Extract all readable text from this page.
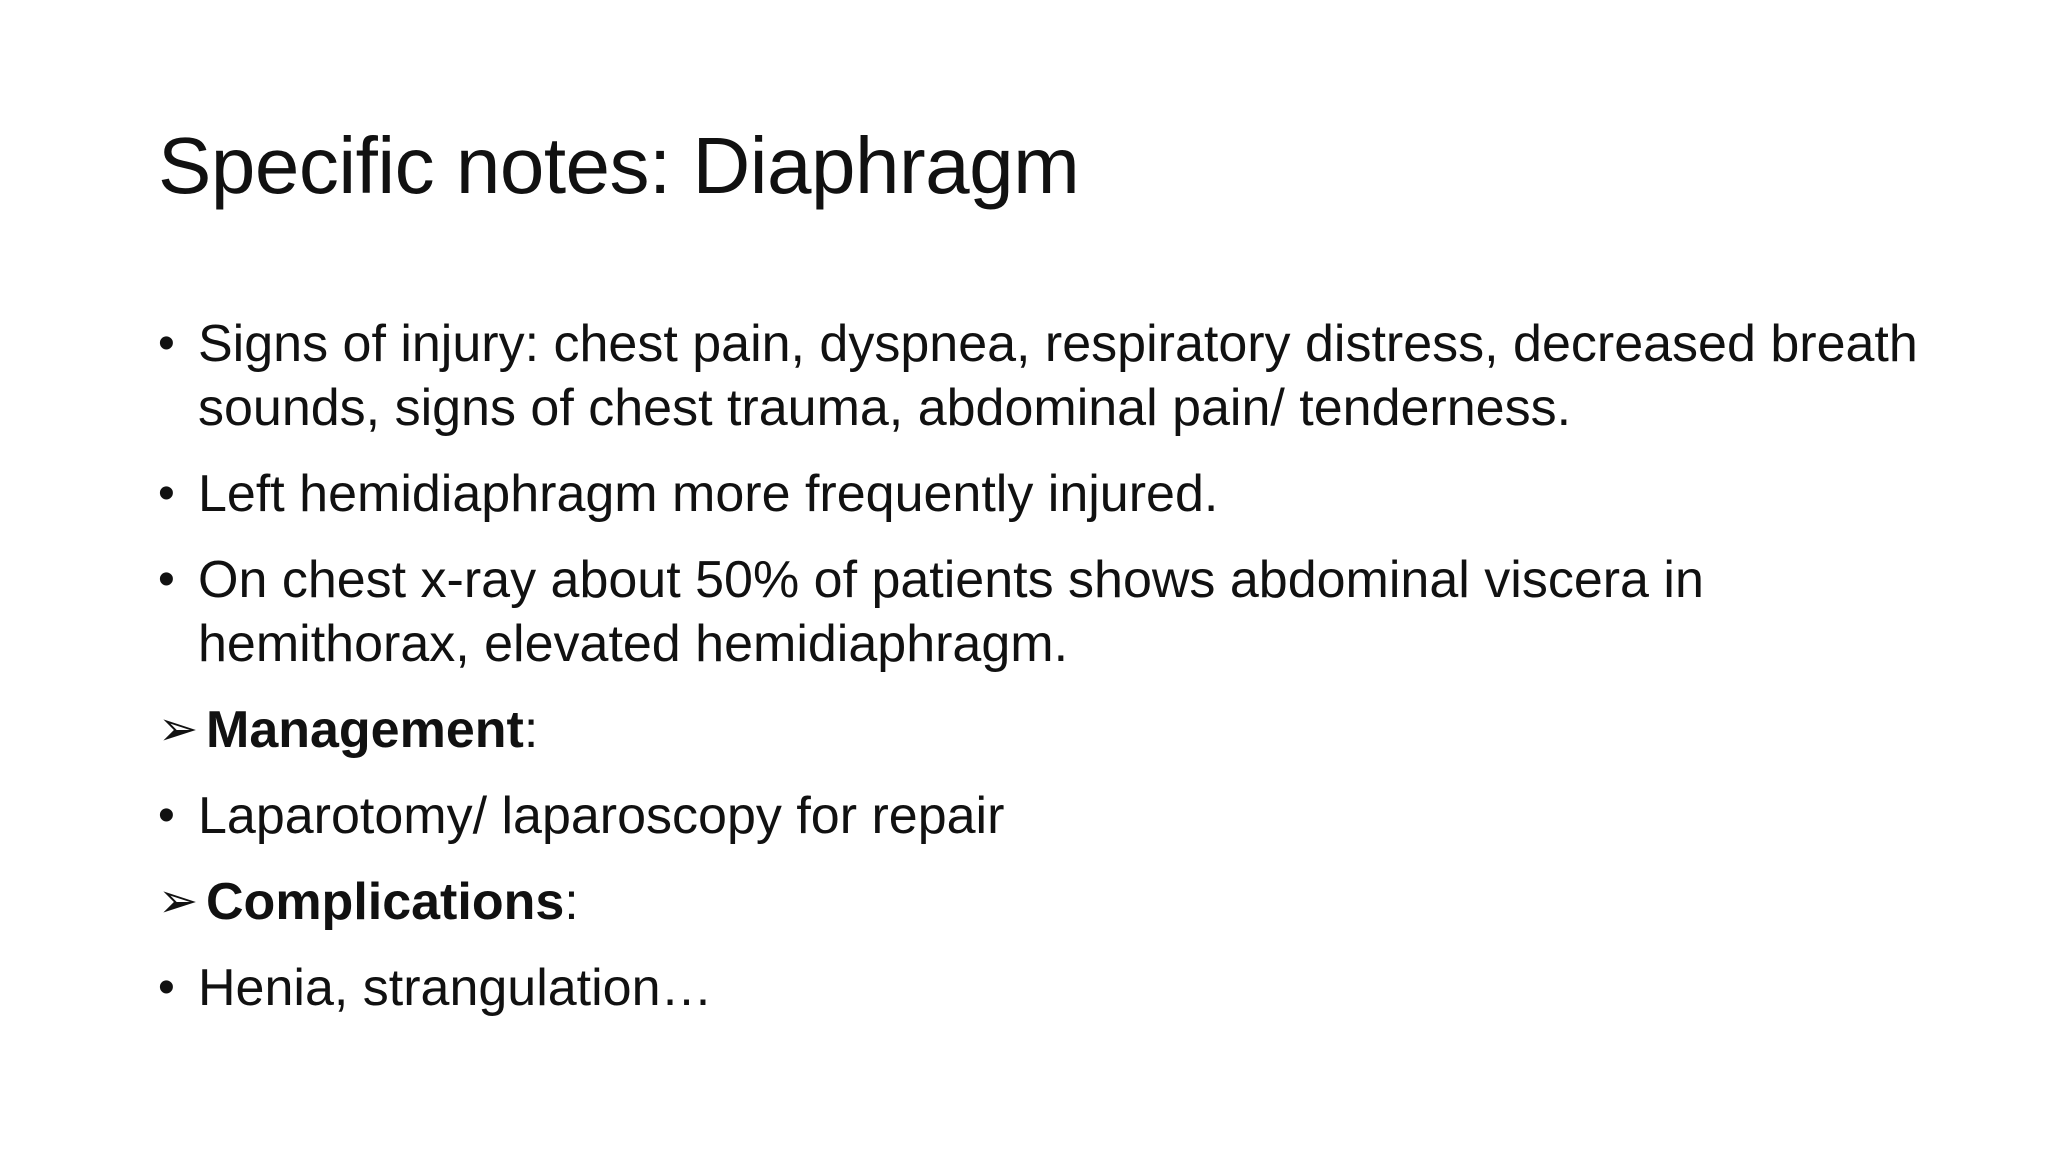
Specific notes: Diaphragm
• Signs of injury: chest pain, dyspnea, respiratory distress, decreased breath sounds, signs of chest trauma, abdominal pain/ tenderness.
• Left hemidiaphragm more frequently injured.
• On chest x-ray about 50% of patients shows abdominal viscera in hemithorax, elevated hemidiaphragm.
➢ Management:
• Laparotomy/ laparoscopy for repair
➢ Complications:
• Henia, strangulation…
